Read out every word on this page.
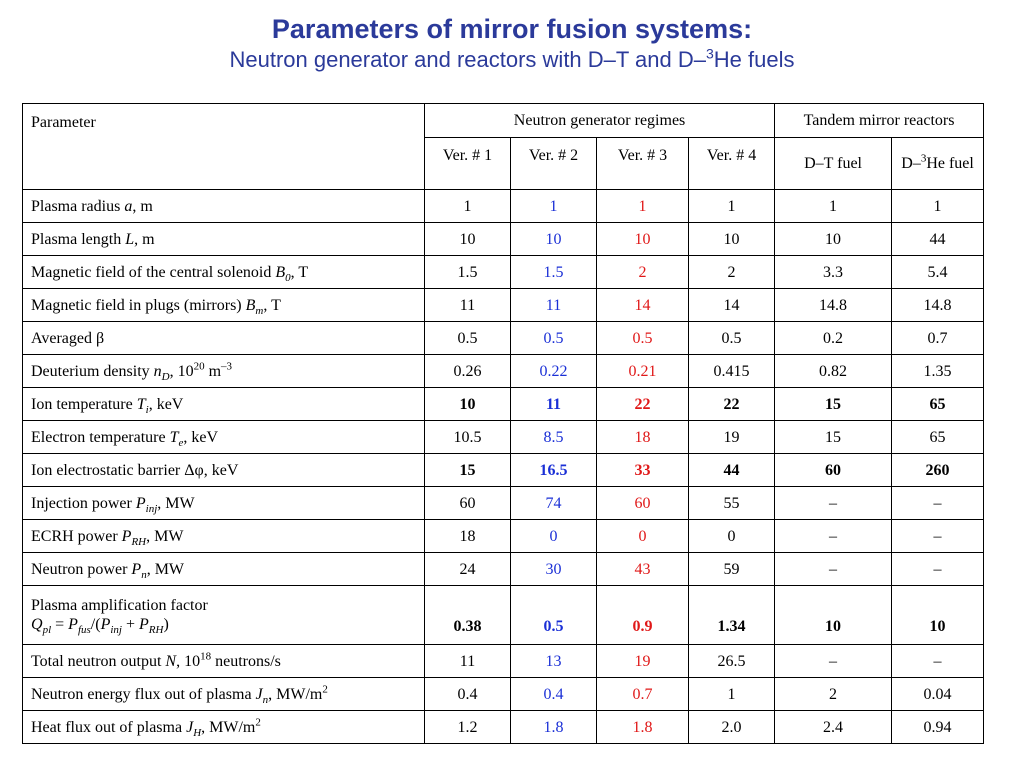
Parameters of mirror fusion systems:

Neutron generator and reactors with D–T and D–$^3$He fuels

Parameter	Neutron generator regimes				Tandem mirror reactors	
	Ver. # 1	Ver. # 2	Ver. # 3	Ver. # 4	D–T fuel	D–$^3$He fuel
Plasma radius a, m	1	1	1	1	1	1
Plasma length L, m	10	10	10	10	10	44
Magnetic field of the central solenoid $B_0$, T	1.5	1.5	2	2	3.3	5.4
Magnetic field in plugs (mirrors) $B_m$, T	11	11	14	14	14.8	14.8
Averaged β	0.5	0.5	0.5	0.5	0.2	0.7
Deuterium density $n_D$, $10^{20}$ $m^{-3}$	0.26	0.22	0.21	0.415	0.82	1.35
Ion temperature $T_i$, keV	10	11	22	22	15	65
Electron temperature $T_e$, keV	10.5	8.5	18	19	15	65
Ion electrostatic barrier Δφ, keV	15	16.5	33	44	60	260
Injection power $P_{inj}$, MW	60	74	60	55	–	–
ECRH power $P_{RH}$, MW	18	0	0	0	–	–
Neutron power $P_n$, MW	24	30	43	59	–	–
Plasma amplification factor
$Q_{pl} = P_{fus}/(P_{inj} + P_{RH})$	0.38	0.5	0.9	1.34	10	10
Total neutron output N, $10^{18}$ neutrons/s	11	13	19	26.5	–	–
Neutron energy flux out of plasma $J_n$, $MW/m^2$	0.4	0.4	0.7	1	2	0.04
Heat flux out of plasma $J_H$, $MW/m^2$	1.2	1.8	1.8	2.0	2.4	0.94
